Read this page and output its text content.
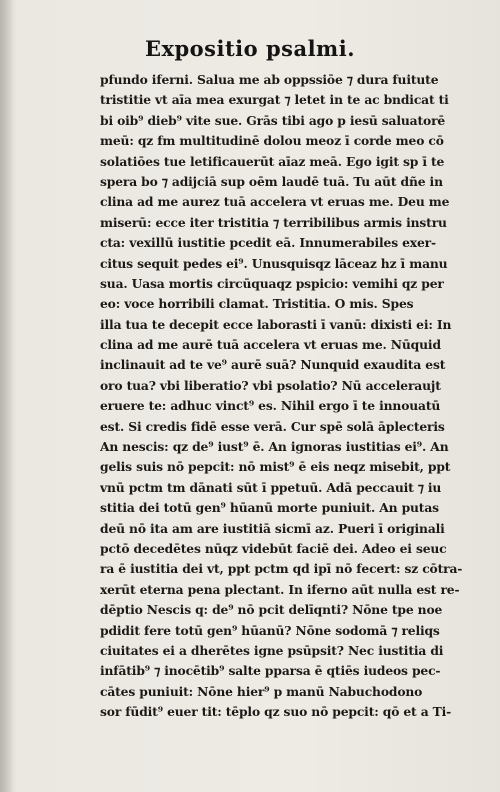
Expositio psalmi.
pfundo iferni. Salua me ab oppssiōe ⁊ dura fuitute
tristitie vt aīa mea exurgat ⁊ letet in te ac bndicat ti
bi oib⁹ dieb⁹ vite sue. Grās tibi ago p iesū saluatorē
meū: qz fm multitudinē dolou meoz ī corde meo cō
solatiōes tue letificauerūt aīaz meā. Ego igit sp ī te
spera bo ⁊ adijciā sup oēm laudē tuā. Tu aūt dñe in
clina ad me aurez tuā accelera vt eruas me. Deu me
miserū: ecce iter tristitia ⁊ terribilibus armis instru
cta: vexillū iustitie pcedit eā. Innumerabiles exer-
citus sequit pedes ei⁹. Unusquisqz lāceaz hz ī manu
sua. Uasa mortis circūquaqz pspicio: vemihi qz per
eo: voce horribili clamat. Tristitia. O mis. Spes
illa tua te decepit ecce laborasti ī vanū: dixisti ei: In
clina ad me aurē tuā accelera vt eruas me. Nūquid
inclinauit ad te ve⁹ aurē suā? Nunquid exaudita est
oro tua? vbi liberatio? vbi psolatio? Nū acceleraujt
eruere te: adhuc vinct⁹ es. Nihil ergo ī te innouatū
est. Si credis fidē esse verā. Cur spē solā āplecteris
An nescis: qz de⁹ iust⁹ ē. An ignoras iustitias ei⁹. An
gelis suis nō pepcit: nō mist⁹ ē eis neqz misebit, ppt
vnū pctm tm dānati sūt ī ppetuū. Adā peccauit ⁊ iu
stitia dei totū gen⁹ hūanū morte puniuit. An putas
deū nō ita am are iustitiā sicmī az. Pueri ī originali
pctō decedētes nūqz videbūt faciē dei. Adeo ei seuc
ra ē iustitia dei vt, ppt pctm qd ipī nō fecert: sz cōtra-
xerūt eterna pena plectant. In iferno aūt nulla est re-
dēptio Nescis q: de⁹ nō pcit delīqnti? Nōne tpe noe
pdidit fere totū gen⁹ hūanū? Nōne sodomā ⁊ reliqs
ciuitates ei a dherētes igne psūpsit? Nec iustitia di
infātib⁹ ⁊ inocētib⁹ salte pparsa ē qtiēs iudeos pec-
cātes puniuit: Nōne hier⁹ p manū Nabuchodono
sor fūdit⁹ euer tit: tēplo qz suo nō pepcit: qō et a Ti-
